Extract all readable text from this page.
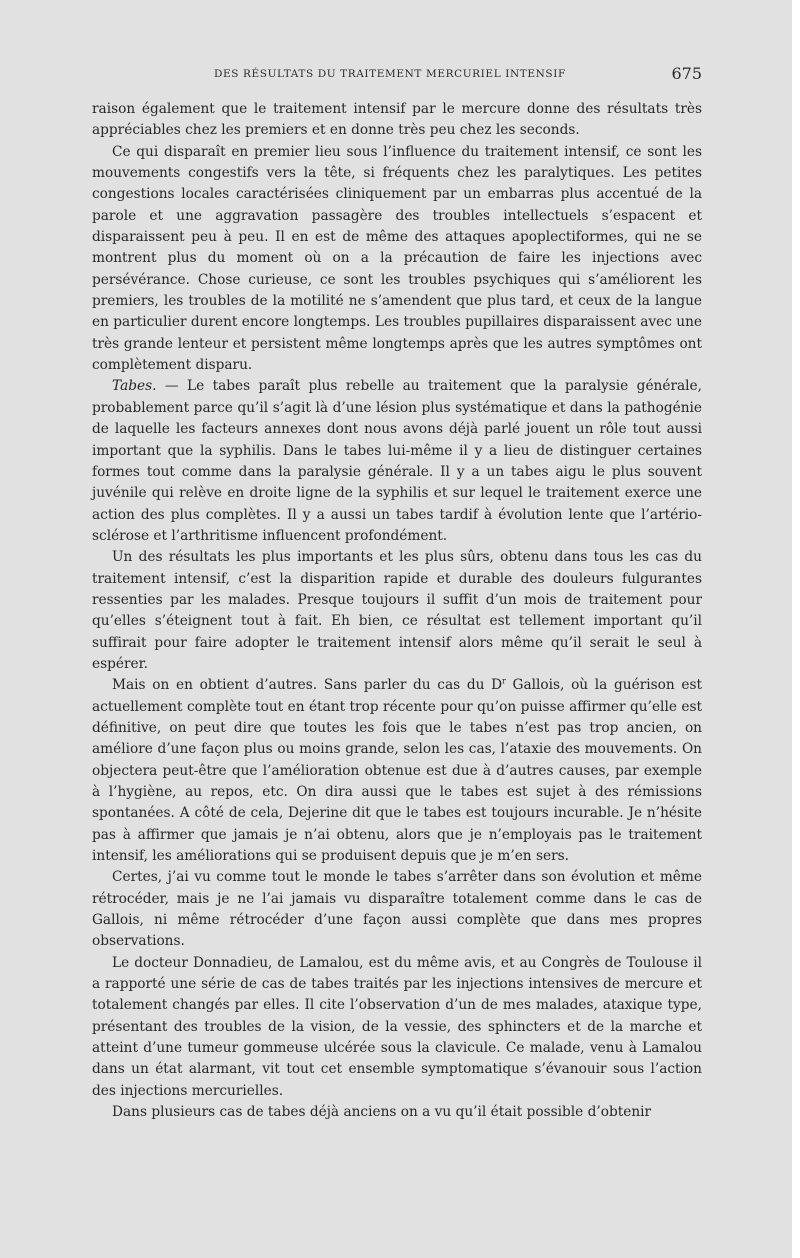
DES RÉSULTATS DU TRAITEMENT MERCURIEL INTENSIF	675

raison également que le traitement intensif par le mercure donne des résultats très appréciables chez les premiers et en donne très peu chez les seconds.

Ce qui disparaît en premier lieu sous l’influence du traitement intensif, ce sont les mouvements congestifs vers la tête, si fréquents chez les paralytiques. Les petites congestions locales caractérisées cliniquement par un embarras plus accentué de la parole et une aggravation passagère des troubles intellectuels s’espacent et disparaissent peu à peu. Il en est de même des attaques apoplectiformes, qui ne se montrent plus du moment où on a la précaution de faire les injections avec persévérance. Chose curieuse, ce sont les troubles psychiques qui s’améliorent les premiers, les troubles de la motilité ne s’amendent que plus tard, et ceux de la langue en particulier durent encore longtemps. Les troubles pupillaires disparaissent avec une très grande lenteur et persistent même longtemps après que les autres symptômes ont complètement disparu.

Tabes. — Le tabes paraît plus rebelle au traitement que la paralysie générale, probablement parce qu’il s’agit là d’une lésion plus systématique et dans la pathogénie de laquelle les facteurs annexes dont nous avons déjà parlé jouent un rôle tout aussi important que la syphilis. Dans le tabes lui-même il y a lieu de distinguer certaines formes tout comme dans la paralysie générale. Il y a un tabes aigu le plus souvent juvénile qui relève en droite ligne de la syphilis et sur lequel le traitement exerce une action des plus complètes. Il y a aussi un tabes tardif à évolution lente que l’artério-sclérose et l’arthritisme influencent profondément.

Un des résultats les plus importants et les plus sûrs, obtenu dans tous les cas du traitement intensif, c’est la disparition rapide et durable des douleurs fulgurantes ressenties par les malades. Presque toujours il suffit d’un mois de traitement pour qu’elles s’éteignent tout à fait. Eh bien, ce résultat est tellement important qu’il suffirait pour faire adopter le traitement intensif alors même qu’il serait le seul à espérer.

Mais on en obtient d’autres. Sans parler du cas du $D^r$ Gallois, où la guérison est actuellement complète tout en étant trop récente pour qu’on puisse affirmer qu’elle est définitive, on peut dire que toutes les fois que le tabes n’est pas trop ancien, on améliore d’une façon plus ou moins grande, selon les cas, l’ataxie des mouvements. On objectera peut-être que l’amélioration obtenue est due à d’autres causes, par exemple à l’hygiène, au repos, etc. On dira aussi que le tabes est sujet à des rémissions spontanées. A côté de cela, Dejerine dit que le tabes est toujours incurable. Je n’hésite pas à affirmer que jamais je n’ai obtenu, alors que je n’employais pas le traitement intensif, les améliorations qui se produisent depuis que je m’en sers.

Certes, j’ai vu comme tout le monde le tabes s’arrêter dans son évolution et même rétrocéder, mais je ne l’ai jamais vu disparaître totalement comme dans le cas de Gallois, ni même rétrocéder d’une façon aussi complète que dans mes propres observations.

Le docteur Donnadieu, de Lamalou, est du même avis, et au Congrès de Toulouse il a rapporté une série de cas de tabes traités par les injections intensives de mercure et totalement changés par elles. Il cite l’observation d’un de mes malades, ataxique type, présentant des troubles de la vision, de la vessie, des sphincters et de la marche et atteint d’une tumeur gommeuse ulcérée sous la clavicule. Ce malade, venu à Lamalou dans un état alarmant, vit tout cet ensemble symptomatique s’évanouir sous l’action des injections mercurielles.

Dans plusieurs cas de tabes déjà anciens on a vu qu’il était possible d’obtenir
